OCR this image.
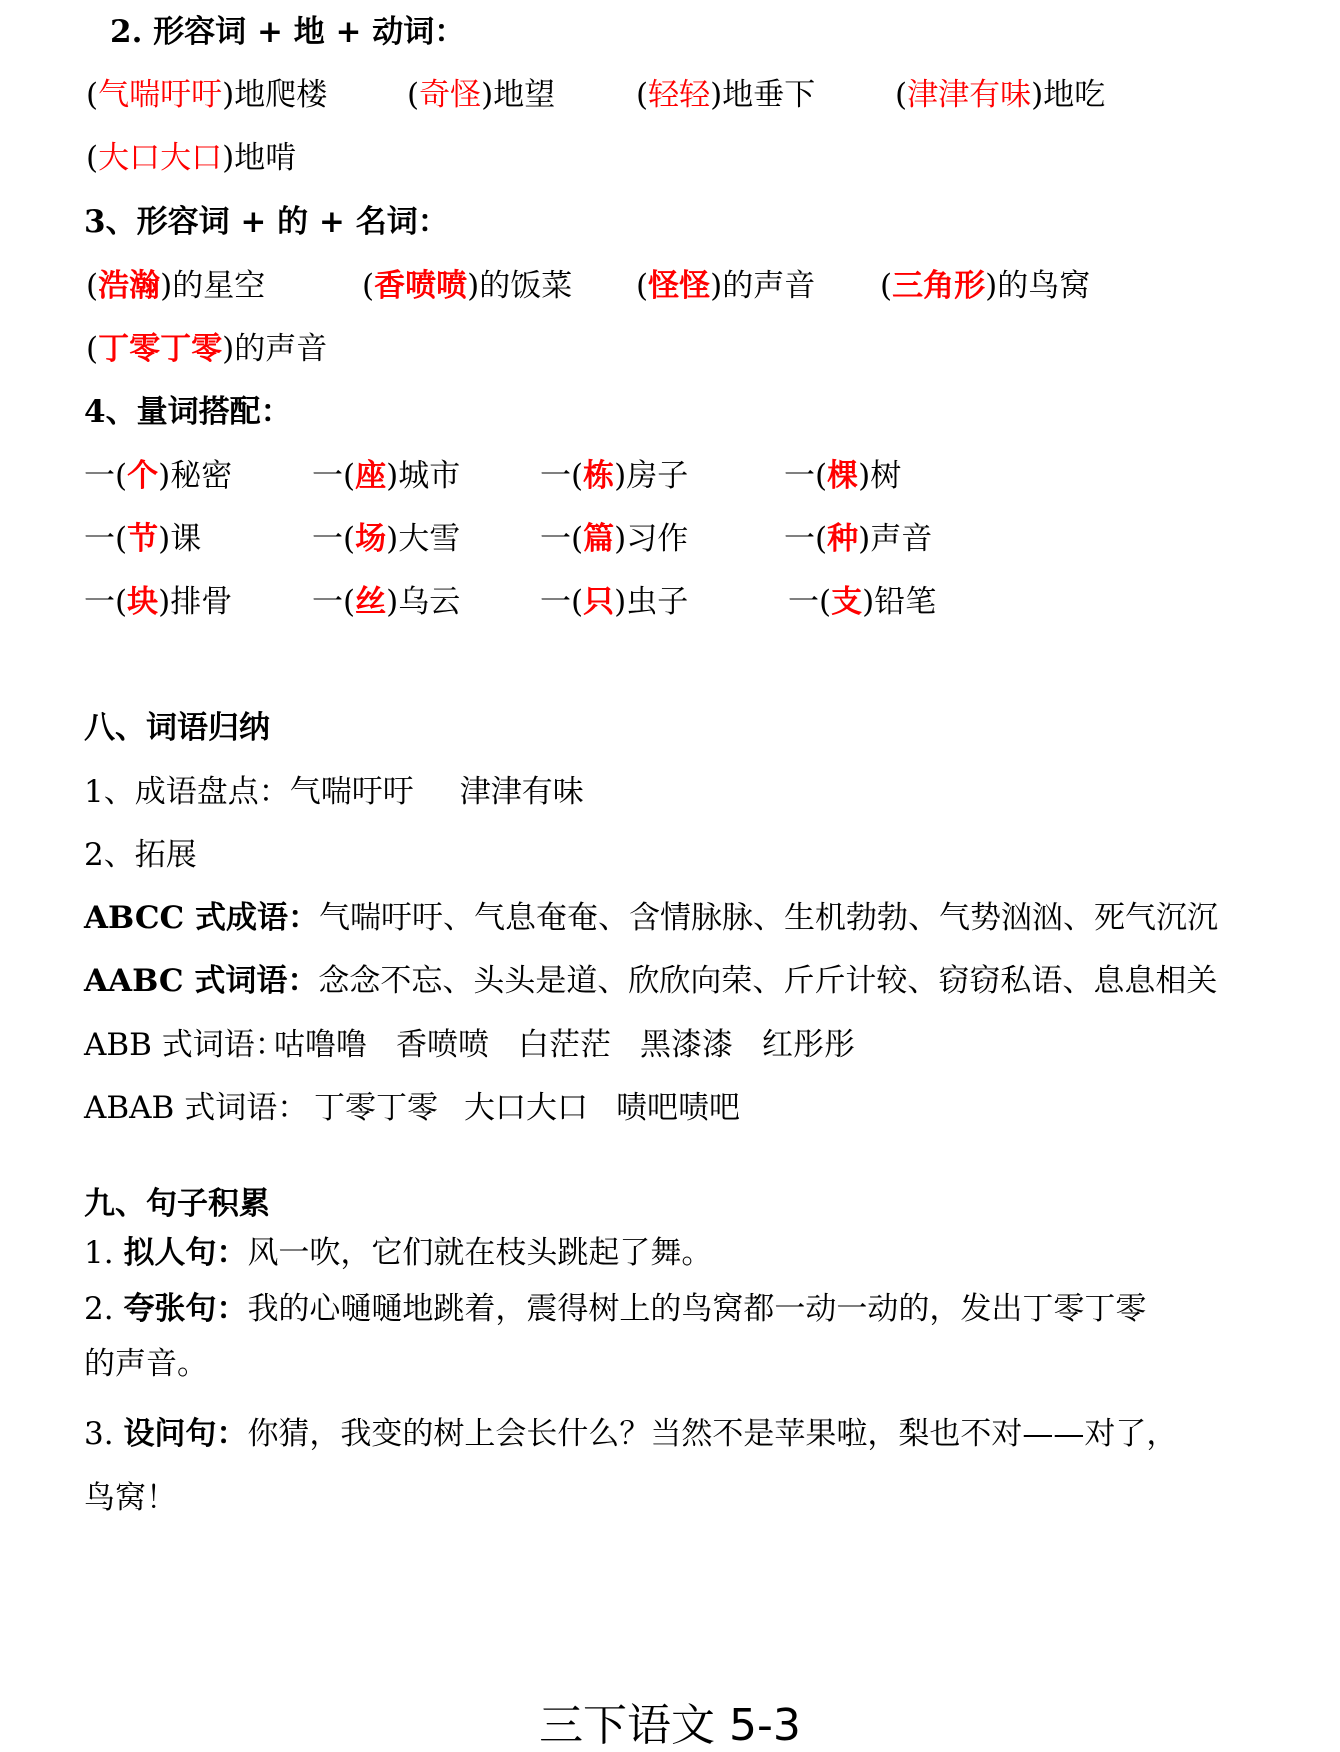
2. 形容词 + 地 + 动词：
(气喘吁吁)地爬楼	(奇怪)地望	(轻轻)地垂下	(津津有味)地吃
(大口大口)地啃
3、形容词 + 的 + 名词：
(浩瀚)的星空	(香喷喷)的饭菜 (怪怪)的声音 (三角形)的鸟窝
(丁零丁零)的声音
4、量词搭配：
一(个)秘密	一(座)城市	一(栋)房子	一(棵)树
一(节)课	一(场)大雪	一(篇)习作	一(种)声音
一(块)排骨	一(丝)乌云	一(只)虫子	一(支)铅笔
八、词语归纳
1、成语盘点：气喘吁吁 津津有味
2、拓展
ABCC 式成语：气喘吁吁、气息奄奄、含情脉脉、生机勃勃、气势汹汹、死气沉沉
AABC 式词语：念念不忘、头头是道、欣欣向荣、斤斤计较、窃窃私语、息息相关
ABB 式词语：
咕噜噜 香喷喷 白茫茫 黑漆漆 红彤彤
ABAB 式词语： 丁零丁零 大口大口 啧吧啧吧
九、句子积累
1. 拟人句：风一吹，它们就在枝头跳起了舞。
2. 夸张句：我的心嗵嗵地跳着，震得树上的鸟窝都一动一动的，发出丁零丁零
的声音。
3. 设问句：你猜，我变的树上会长什么？当然不是苹果啦，梨也不对——对了，
鸟窝！
三下语文 5-3
